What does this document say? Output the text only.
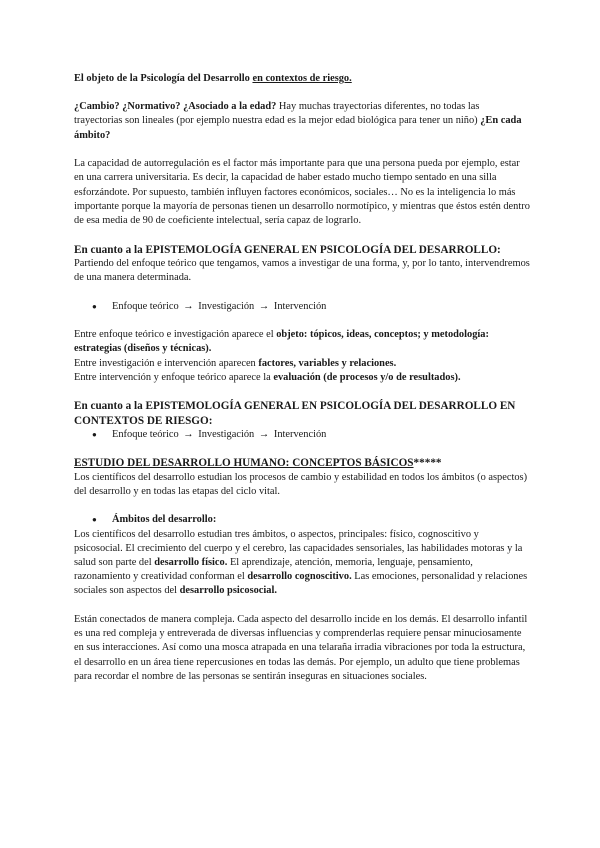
El objeto de la Psicología del Desarrollo en contextos de riesgo.

¿Cambio? ¿Normativo? ¿Asociado a la edad? Hay muchas trayectorias diferentes, no todas las trayectorias son lineales (por ejemplo nuestra edad es la mejor edad biológica para tener un niño) ¿En cada ámbito?

La capacidad de autorregulación es el factor más importante para que una persona pueda por ejemplo, estar en una carrera universitaria. Es decir, la capacidad de haber estado mucho tiempo sentado en una silla esforzándote. Por supuesto, también influyen factores económicos, sociales… No es la inteligencia lo más importante porque la mayoría de personas tienen un desarrollo normotípico, y mientras que éstos estén dentro de esa media de 90 de coeficiente intelectual, sería capaz de lograrlo.

En cuanto a la EPISTEMOLOGÍA GENERAL EN PSICOLOGÍA DEL DESARROLLO:

Partiendo del enfoque teórico que tengamos, vamos a investigar de una forma, y, por lo tanto, intervendremos de una manera determinada.

●	Enfoque teórico → Investigación → Intervención

Entre enfoque teórico e investigación aparece el objeto: tópicos, ideas, conceptos; y metodología: estrategias (diseños y técnicas).

Entre investigación e intervención aparecen factores, variables y relaciones.

Entre intervención y enfoque teórico aparece la evaluación (de procesos y/o de resultados).

En cuanto a la EPISTEMOLOGÍA GENERAL EN PSICOLOGÍA DEL DESARROLLO EN CONTEXTOS DE RIESGO:

●	Enfoque teórico → Investigación → Intervención

ESTUDIO DEL DESARROLLO HUMANO: CONCEPTOS BÁSICOS*****

Los científicos del desarrollo estudian los procesos de cambio y estabilidad en todos los ámbitos (o aspectos) del desarrollo y en todas las etapas del ciclo vital.

●	Ámbitos del desarrollo:

Los científicos del desarrollo estudian tres ámbitos, o aspectos, principales: físico, cognoscitivo y psicosocial. El crecimiento del cuerpo y el cerebro, las capacidades sensoriales, las habilidades motoras y la salud son parte del desarrollo físico. El aprendizaje, atención, memoria, lenguaje, pensamiento, razonamiento y creatividad conforman el desarrollo cognoscitivo. Las emociones, personalidad y relaciones sociales son aspectos del desarrollo psicosocial.

Están conectados de manera compleja. Cada aspecto del desarrollo incide en los demás. El desarrollo infantil es una red compleja y entreverada de diversas influencias y comprenderlas requiere pensar minuciosamente en sus interacciones. Así como una mosca atrapada en una telaraña irradia vibraciones por toda la estructura, el desarrollo en un área tiene repercusiones en todas las demás. Por ejemplo, un adulto que tiene problemas para recordar el nombre de las personas se sentirán inseguras en situaciones sociales.
